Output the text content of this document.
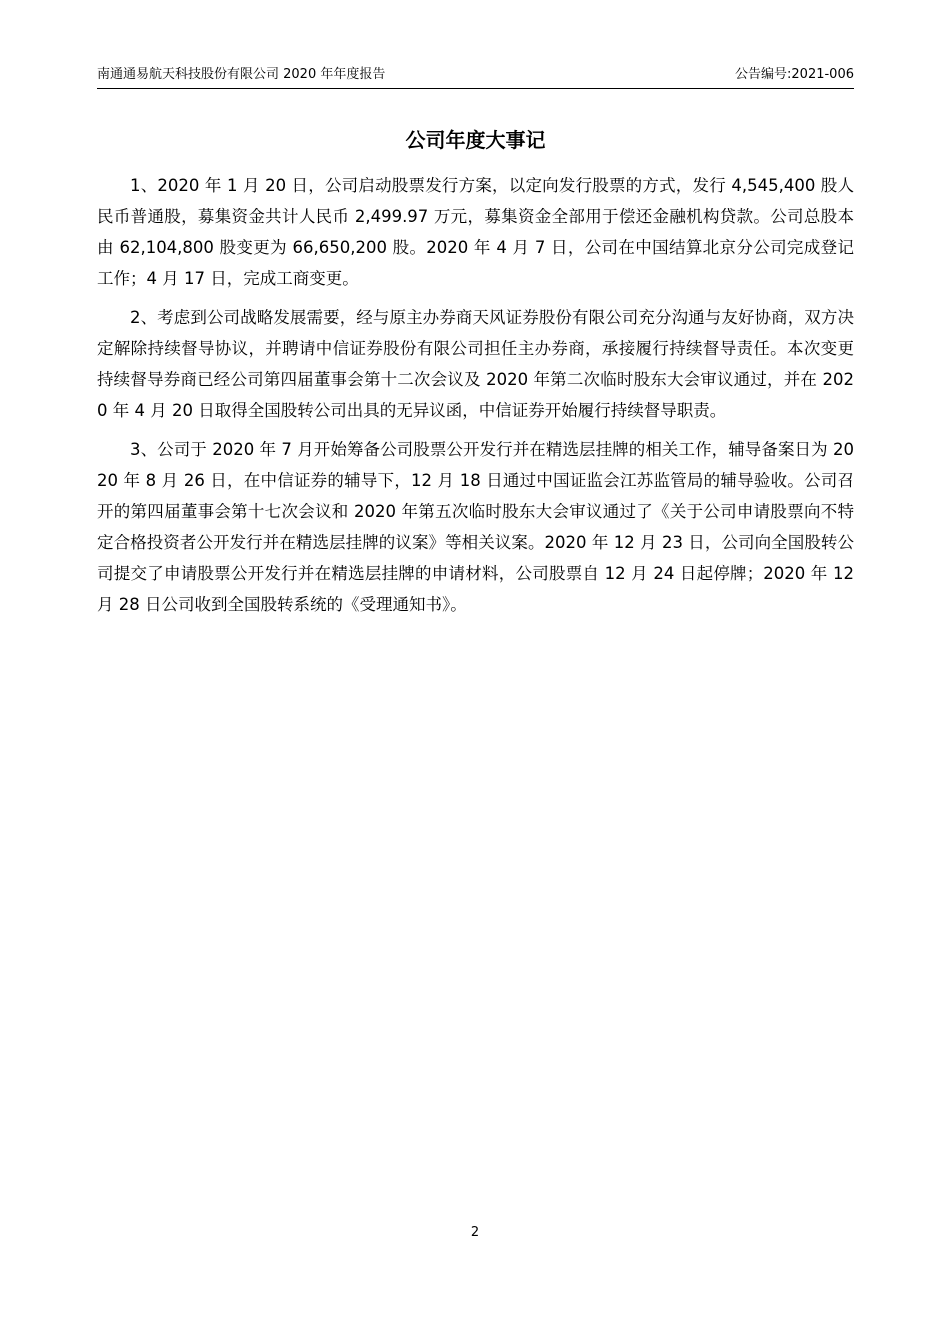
南通通易航天科技股份有限公司 2020 年年度报告	公告编号:2021-006
公司年度大事记

1、2020 年 1 月 20 日，公司启动股票发行方案，以定向发行股票的方式，发行 4,545,400 股人民币普通股，募集资金共计人民币 2,499.97 万元，募集资金全部用于偿还金融机构贷款。公司总股本由 62,104,800 股变更为 66,650,200 股。2020 年 4 月 7 日，公司在中国结算北京分公司完成登记工作；4 月 17 日，完成工商变更。

2、考虑到公司战略发展需要，经与原主办券商天风证券股份有限公司充分沟通与友好协商，双方决定解除持续督导协议，并聘请中信证券股份有限公司担任主办券商，承接履行持续督导责任。本次变更持续督导券商已经公司第四届董事会第十二次会议及 2020 年第二次临时股东大会审议通过，并在 2020 年 4 月 20 日取得全国股转公司出具的无异议函，中信证券开始履行持续督导职责。

3、公司于 2020 年 7 月开始筹备公司股票公开发行并在精选层挂牌的相关工作，辅导备案日为 2020 年 8 月 26 日，在中信证券的辅导下，12 月 18 日通过中国证监会江苏监管局的辅导验收。公司召开的第四届董事会第十七次会议和 2020 年第五次临时股东大会审议通过了《关于公司申请股票向不特定合格投资者公开发行并在精选层挂牌的议案》等相关议案。2020 年 12 月 23 日，公司向全国股转公司提交了申请股票公开发行并在精选层挂牌的申请材料，公司股票自 12 月 24 日起停牌；2020 年 12 月 28 日公司收到全国股转系统的《受理通知书》。

2
